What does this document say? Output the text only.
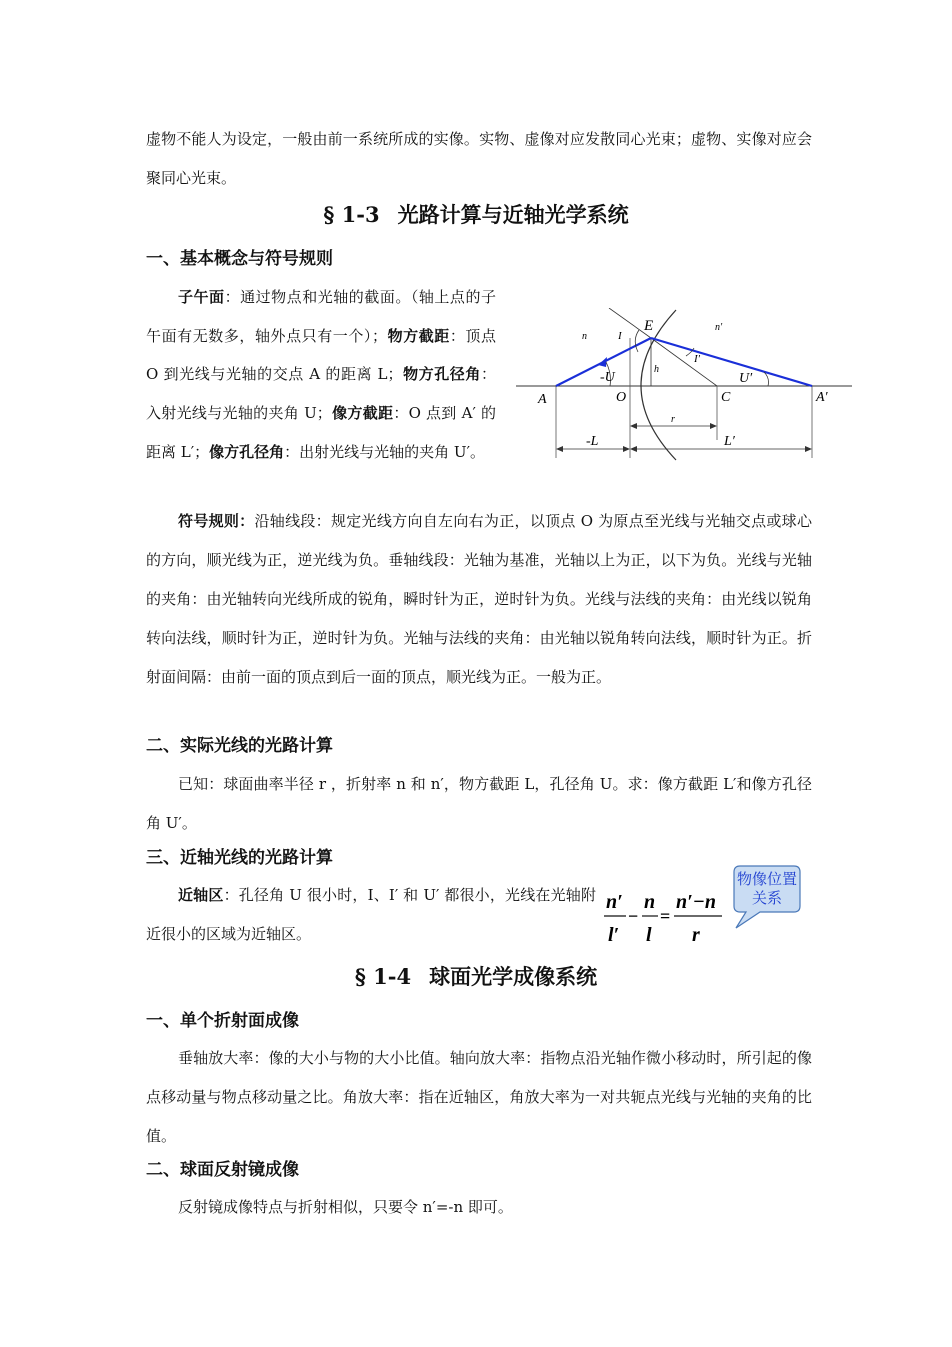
虚物不能人为设定，一般由前一系统所成的实像。实物、虚像对应发散同心光束；虚物、实像对应会聚同心光束。

§ 1-3 光路计算与近轴光学系统
一、基本概念与符号规则

子午面：通过物点和光轴的截面。（轴上点的子午面有无数多，轴外点只有一个）；物方截距：顶点 O 到光线与光轴的交点 A 的距离 L；物方孔径角：入射光线与光轴的夹角 U；像方截距：O 点到 A′ 的距离 L′；像方孔径角：出射光线与光轴的夹角 U′。

A	O	C	A′
E
n
n′
I
I′
h
-U	U′
r
-L	L′

符号规则：沿轴线段：规定光线方向自左向右为正，以顶点 O 为原点至光线与光轴交点或球心的方向，顺光线为正，逆光线为负。垂轴线段：光轴为基准，光轴以上为正，以下为负。光线与光轴的夹角：由光轴转向光线所成的锐角，瞬时针为正，逆时针为负。光线与法线的夹角：由光线以锐角转向法线，顺时针为正，逆时针为负。光轴与法线的夹角：由光轴以锐角转向法线，顺时针为正。折射面间隔：由前一面的顶点到后一面的顶点，顺光线为正。一般为正。

二、实际光线的光路计算

已知：球面曲率半径 r ，折射率 n 和 n′，物方截距 L，孔径角 U。求：像方截距 L′和像方孔径角 U′。

三、近轴光线的光路计算

近轴区：孔径角 U 很小时，I、I′ 和 U′ 都很小，光线在光轴附近很小的区域为近轴区。

n′
l′
−
n
l
=
n′−n
r
物像位置关系
§ 1-4 球面光学成像系统
一、单个折射面成像

垂轴放大率：像的大小与物的大小比值。轴向放大率：指物点沿光轴作微小移动时，所引起的像点移动量与物点移动量之比。角放大率：指在近轴区，角放大率为一对共轭点光线与光轴的夹角的比值。

二、球面反射镜成像

反射镜成像特点与折射相似，只要令 n′=-n 即可。
